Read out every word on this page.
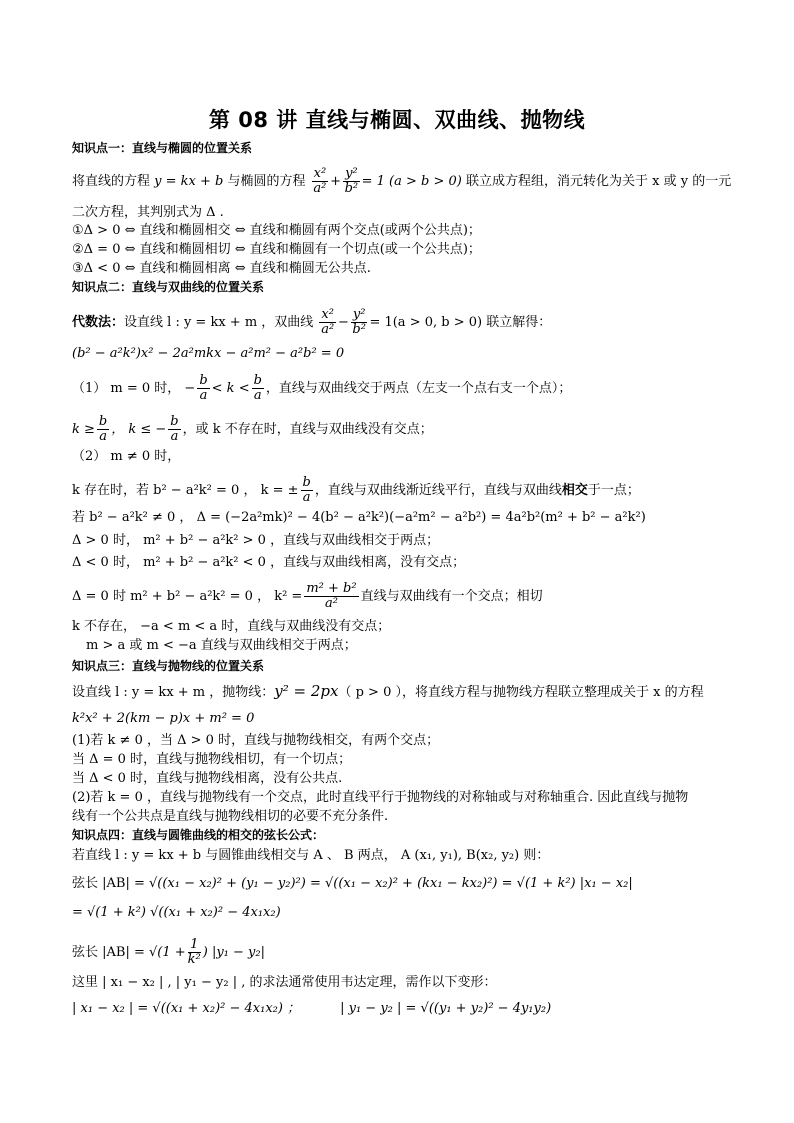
第 08 讲 直线与椭圆、双曲线、抛物线
知识点一：直线与椭圆的位置关系
将直线的方程 y = kx + b 与椭圆的方程 $\frac{\text{x²}}{\text{a²}} + \frac{\text{y²}}{\text{b²}} = 1$ (a > b > 0) 联立成方程组，消元转化为关于 x 或 y 的一元
二次方程，其判别式为 Δ .
①Δ > 0 ⇔ 直线和椭圆相交 ⇔ 直线和椭圆有两个交点(或两个公共点)；
②Δ = 0 ⇔ 直线和椭圆相切 ⇔ 直线和椭圆有一个切点(或一个公共点)；
③Δ < 0 ⇔ 直线和椭圆相离 ⇔ 直线和椭圆无公共点.
知识点二：直线与双曲线的位置关系
代数法：设直线 l : y = kx + m ，双曲线 $\frac{\text{x²}}{\text{a²}} - \frac{\text{y²}}{\text{b²}} = 1(a > 0$, b > 0) 联立解得：
(b² − a²k²)x² − 2a²mkx − a²m² − a²b² = 0
（1） m = 0 时， − $\frac{b}{a} < k < \frac{b}{a}$ ，直线与双曲线交于两点（左支一个点右支一个点）；
$k \ge \frac{b}{a}$ ， k ≤ − $\frac{b}{a}$ ，或 k 不存在时，直线与双曲线没有交点；
（2） m ≠ 0 时，
k 存在时，若 b² − a²k² = 0 ， k = ± $\frac{b}{a}$ ，直线与双曲线渐近线平行，直线与双曲线相交于一点；
若 b² − a²k² ≠ 0 ， Δ = (−2a²mk)² − 4(b² − a²k²)(−a²m² − a²b²) = 4a²b²(m² + b² − a²k²)
Δ > 0 时， m² + b² − a²k² > 0 ，直线与双曲线相交于两点；
Δ < 0 时， m² + b² − a²k² < 0 ，直线与双曲线相离，没有交点；
Δ = 0 时 m² + b² − a²k² = 0 ， $k^2 = \frac{\text{m² + b²}}{\text{a²}}$ 直线与双曲线有一个交点；相切
k 不存在， −a < m < a 时，直线与双曲线没有交点；
m > a 或 m < −a 直线与双曲线相交于两点；
知识点三：直线与抛物线的位置关系
设直线 l : y = kx + m ，抛物线：y² = 2px（ p > 0 ），将直线方程与抛物线方程联立整理成关于 x 的方程
k²x² + 2(km − p)x + m² = 0
(1)若 k ≠ 0 ，当 Δ > 0 时，直线与抛物线相交，有两个交点；
当 Δ = 0 时，直线与抛物线相切，有一个切点；
当 Δ < 0 时，直线与抛物线相离，没有公共点.
(2)若 k = 0 ，直线与抛物线有一个交点，此时直线平行于抛物线的对称轴或与对称轴重合. 因此直线与抛物
线有一个公共点是直线与抛物线相切的必要不充分条件.
知识点四：直线与圆锥曲线的相交的弦长公式：
若直线 l : y = kx + b 与圆锥曲线相交与 A 、 B 两点， A (x₁, y₁), B(x₂, y₂) 则：
弦长 |AB| = √((x₁ − x₂)² + (y₁ − y₂)²) = √((x₁ − x₂)² + (kx₁ − kx₂)²) = √(1 + k²) |x₁ − x₂|
= √(1 + k²) √((x₁ + x₂)² − 4x₁x₂)
弦长 $|AB| = √(1 + \frac{1}{\text{k²}}$ ) |y₁ − y₂|
这里 | x₁ − x₂ | , | y₁ − y₂ | , 的求法通常使用韦达定理，需作以下变形：
| x₁ − x₂ | = √((x₁ + x₂)² − 4x₁x₂) ；	| y₁ − y₂ | = √((y₁ + y₂)² − 4y₁y₂)
